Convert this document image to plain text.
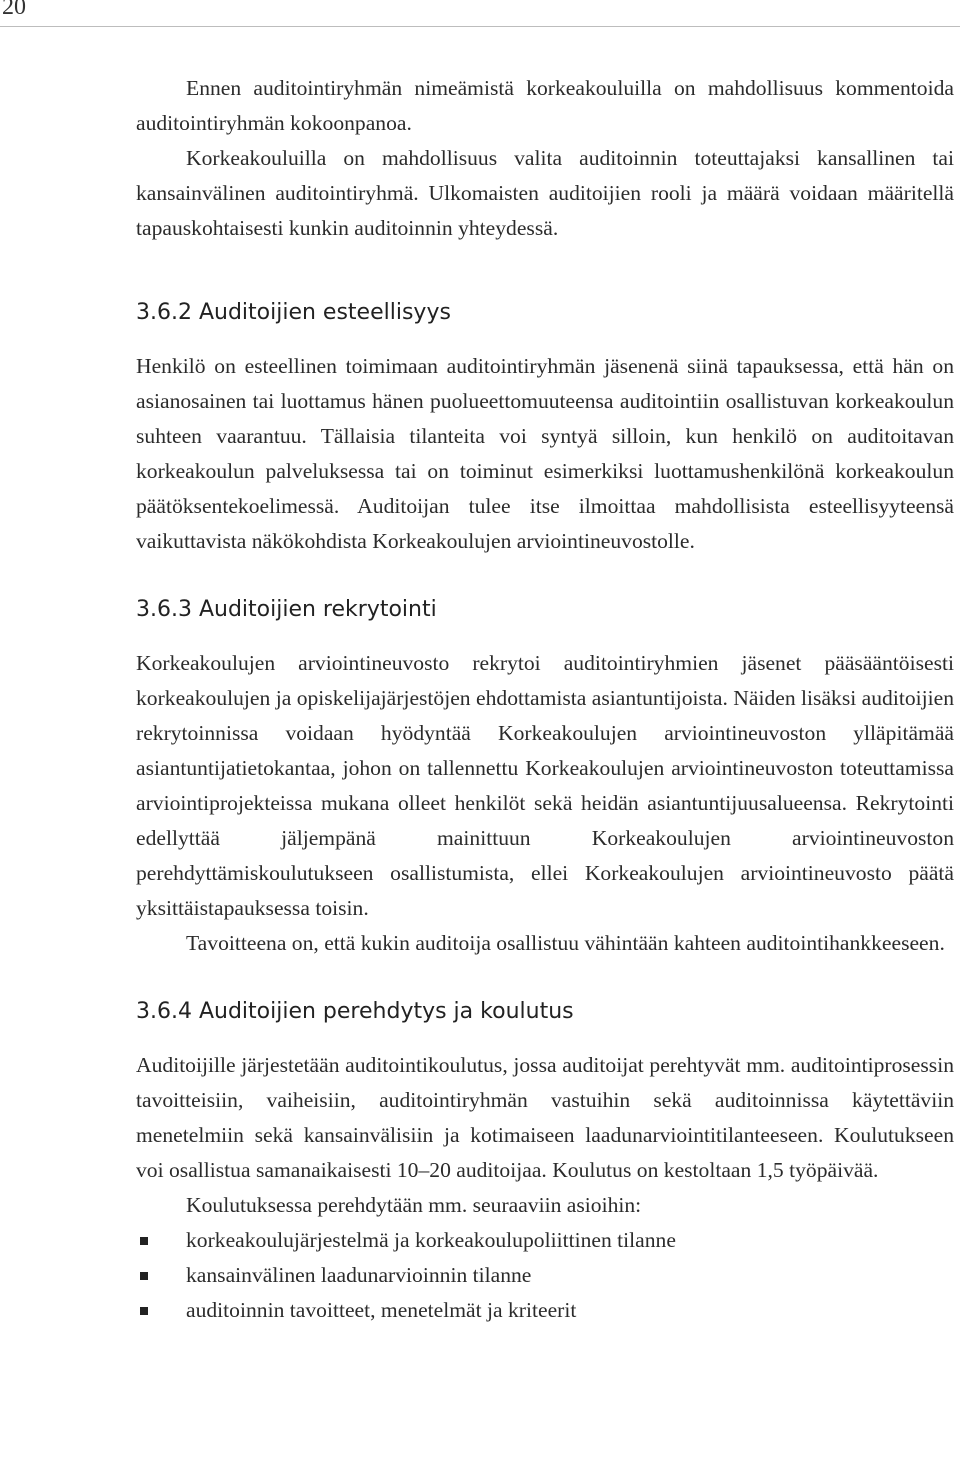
20

Ennen auditointiryhmän nimeämistä korkeakouluilla on mahdollisuus kommentoida auditointiryhmän kokoonpanoa.

Korkeakouluilla on mahdollisuus valita auditoinnin toteuttajaksi kansallinen tai kansainvälinen auditointiryhmä. Ulkomaisten auditoijien rooli ja määrä voidaan määritellä tapauskohtaisesti kunkin auditoinnin yhteydessä.

3.6.2 Auditoijien esteellisyys

Henkilö on esteellinen toimimaan auditointiryhmän jäsenenä siinä tapauksessa, että hän on asianosainen tai luottamus hänen puolueettomuuteensa auditointiin osallistuvan korkeakoulun suhteen vaarantuu. Tällaisia tilanteita voi syntyä silloin, kun henkilö on auditoitavan korkeakoulun palveluksessa tai on toiminut esimerkiksi luottamushenkilönä korkeakoulun päätöksentekoelimessä. Auditoijan tulee itse ilmoittaa mahdollisista esteellisyyteensä vaikuttavista näkökohdista Korkeakoulujen arviointineuvostolle.

3.6.3 Auditoijien rekrytointi

Korkeakoulujen arviointineuvosto rekrytoi auditointiryhmien jäsenet pääsääntöisesti korkeakoulujen ja opiskelijajärjestöjen ehdottamista asiantuntijoista. Näiden lisäksi auditoijien rekrytoinnissa voidaan hyödyntää Korkeakoulujen arviointineuvoston ylläpitämää asiantuntijatietokantaa, johon on tallennettu Korkeakoulujen arviointineuvoston toteuttamissa arviointiprojekteissa mukana olleet henkilöt sekä heidän asiantuntijuusalueensa. Rekrytointi edellyttää jäljempänä mainittuun Korkeakoulujen arviointineuvoston perehdyttämiskoulutukseen osallistumista, ellei Korkeakoulujen arviointineuvosto päätä yksittäistapauksessa toisin.

Tavoitteena on, että kukin auditoija osallistuu vähintään kahteen auditointihankkeeseen.

3.6.4 Auditoijien perehdytys ja koulutus

Auditoijille järjestetään auditointikoulutus, jossa auditoijat perehtyvät mm. auditointiprosessin tavoitteisiin, vaiheisiin, auditointiryhmän vastuihin sekä auditoinnissa käytettäviin menetelmiin sekä kansainvälisiin ja kotimaiseen laadunarviointitilanteeseen. Koulutukseen voi osallistua samanaikaisesti 10–20 auditoijaa. Koulutus on kestoltaan 1,5 työpäivää.

Koulutuksessa perehdytään mm. seuraaviin asioihin:

korkeakoulujärjestelmä ja korkeakoulupoliittinen tilanne
kansainvälinen laadunarvioinnin tilanne
auditoinnin tavoitteet, menetelmät ja kriteerit
